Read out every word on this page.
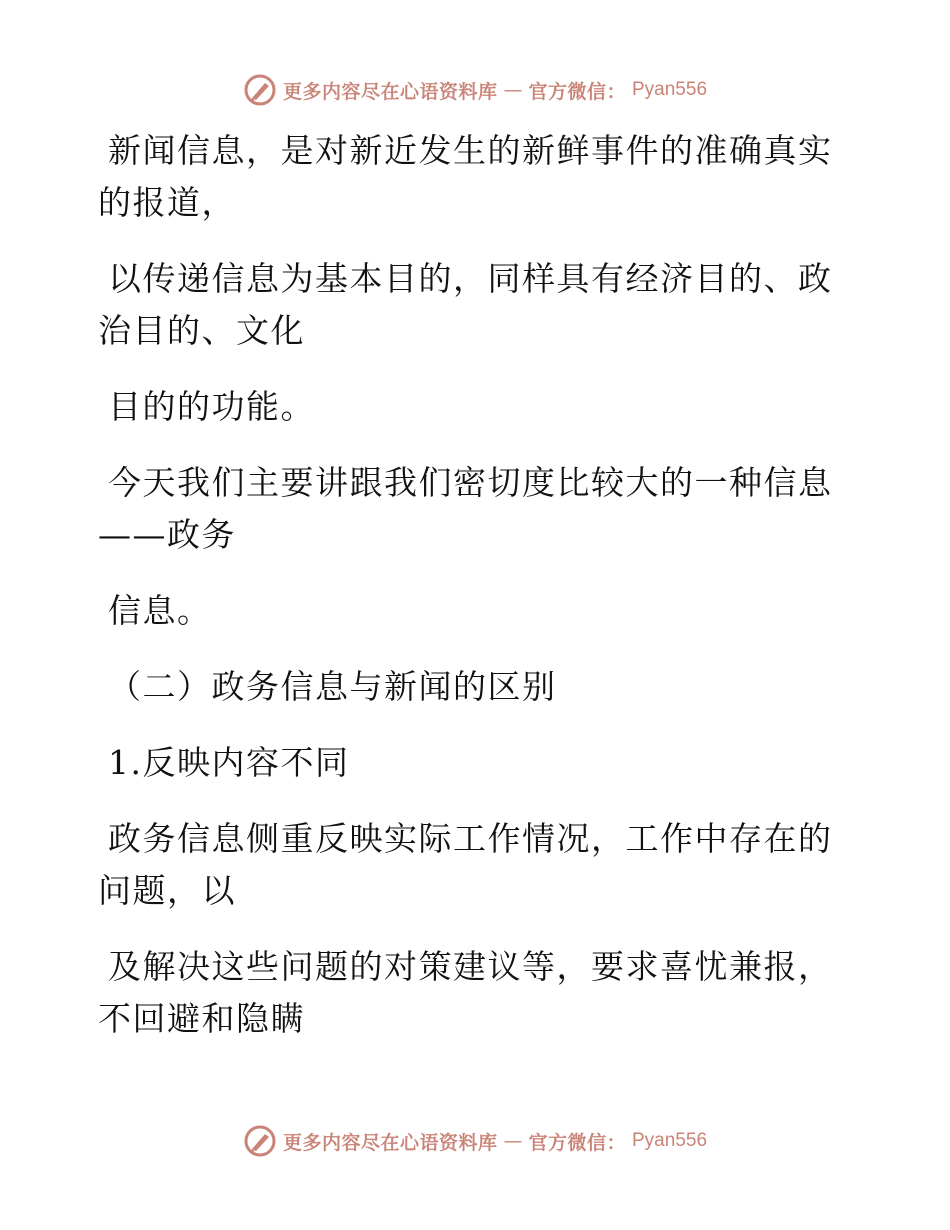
更多内容尽在心语资料库 — 官方微信： Pyan556

新闻信息，是对新近发生的新鲜事件的准确真实
的报道，

以传递信息为基本目的，同样具有经济目的、政
治目的、文化

目的的功能。

今天我们主要讲跟我们密切度比较大的一种信息
——政务

信息。

（二）政务信息与新闻的区别

1.反映内容不同

政务信息侧重反映实际工作情况，工作中存在的
问题，以

及解决这些问题的对策建议等，要求喜忧兼报，
不回避和隐瞒

更多内容尽在心语资料库 — 官方微信： Pyan556
